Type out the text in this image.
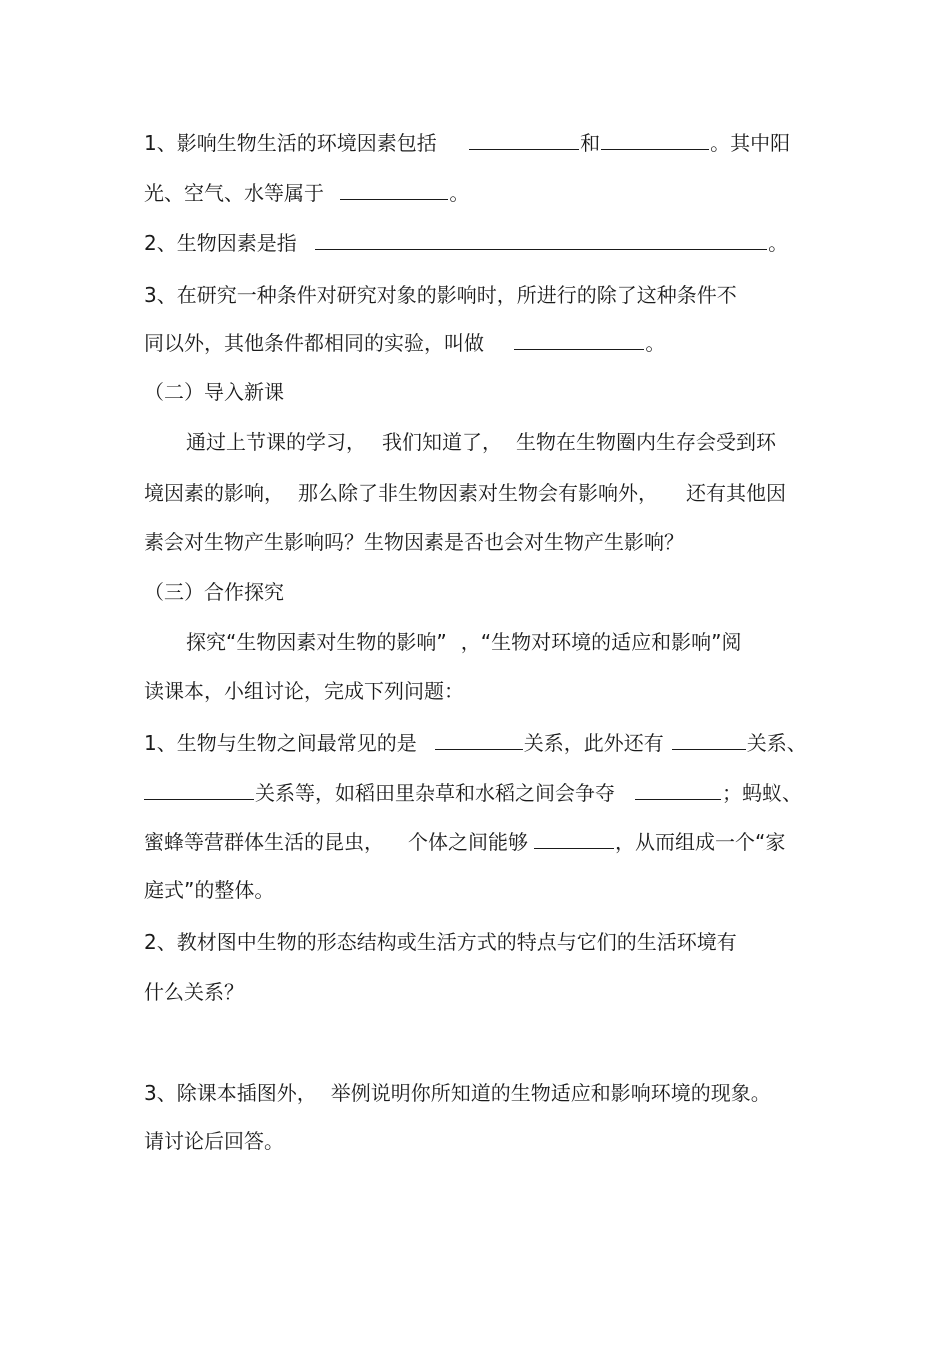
1、影响生物生活的环境因素包括	和	。其中阳
光、空气、水等属于	。
2、生物因素是指	。
3、在研究一种条件对研究对象的影响时，所进行的除了这种条件不
同以外，其他条件都相同的实验，叫做	。
（二）导入新课
通过上节课的学习， 我们知道了， 生物在生物圈内生存会受到环
境因素的影响， 那么除了非生物因素对生物会有影响外， 还有其他因
素会对生物产生影响吗？生物因素是否也会对生物产生影响？
（三）合作探究
探究“生物因素对生物的影响” ，“生物对环境的适应和影响”阅
读课本，小组讨论，完成下列问题：
1、生物与生物之间最常见的是	关系，此外还有	关系、
关系等，如稻田里杂草和水稻之间会争夺	；蚂蚁、
蜜蜂等营群体生活的昆虫， 个体之间能够	，从而组成一个“家
庭式”的整体。
2、教材图中生物的形态结构或生活方式的特点与它们的生活环境有
什么关系？
3、除课本插图外， 举例说明你所知道的生物适应和影响环境的现象。
请讨论后回答。
